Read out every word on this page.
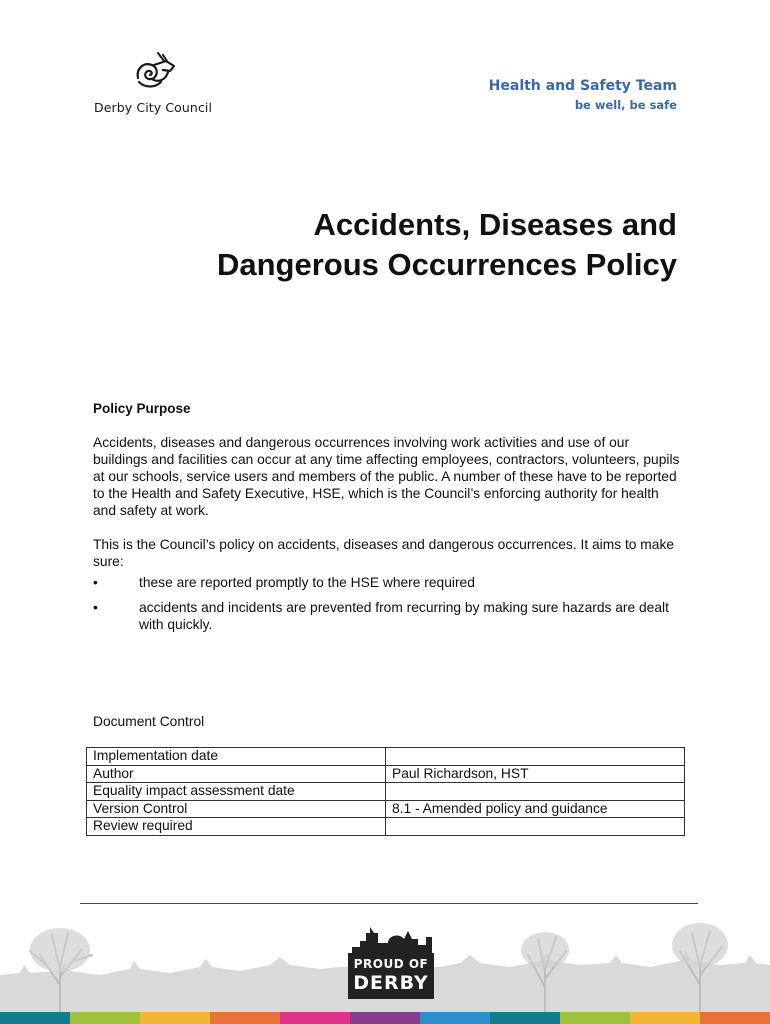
Derby City Council
Health and Safety Team
be well, be safe
Accidents, Diseases and
Dangerous Occurrences Policy
Policy Purpose

Accidents, diseases and dangerous occurrences involving work activities and use of our buildings and facilities can occur at any time affecting employees, contractors, volunteers, pupils at our schools, service users and members of the public. A number of these have to be reported to the Health and Safety Executive, HSE, which is the Council’s enforcing authority for health and safety at work.

This is the Council’s policy on accidents, diseases and dangerous occurrences. It aims to make sure:

• these are reported promptly to the HSE where required
• accidents and incidents are prevented from recurring by making sure hazards are dealt with quickly.
Document Control
Implementation date	
Author	Paul Richardson, HST
Equality impact assessment date	
Version Control	8.1 - Amended policy and guidance
Review required	
PROUD OF
DERBY
